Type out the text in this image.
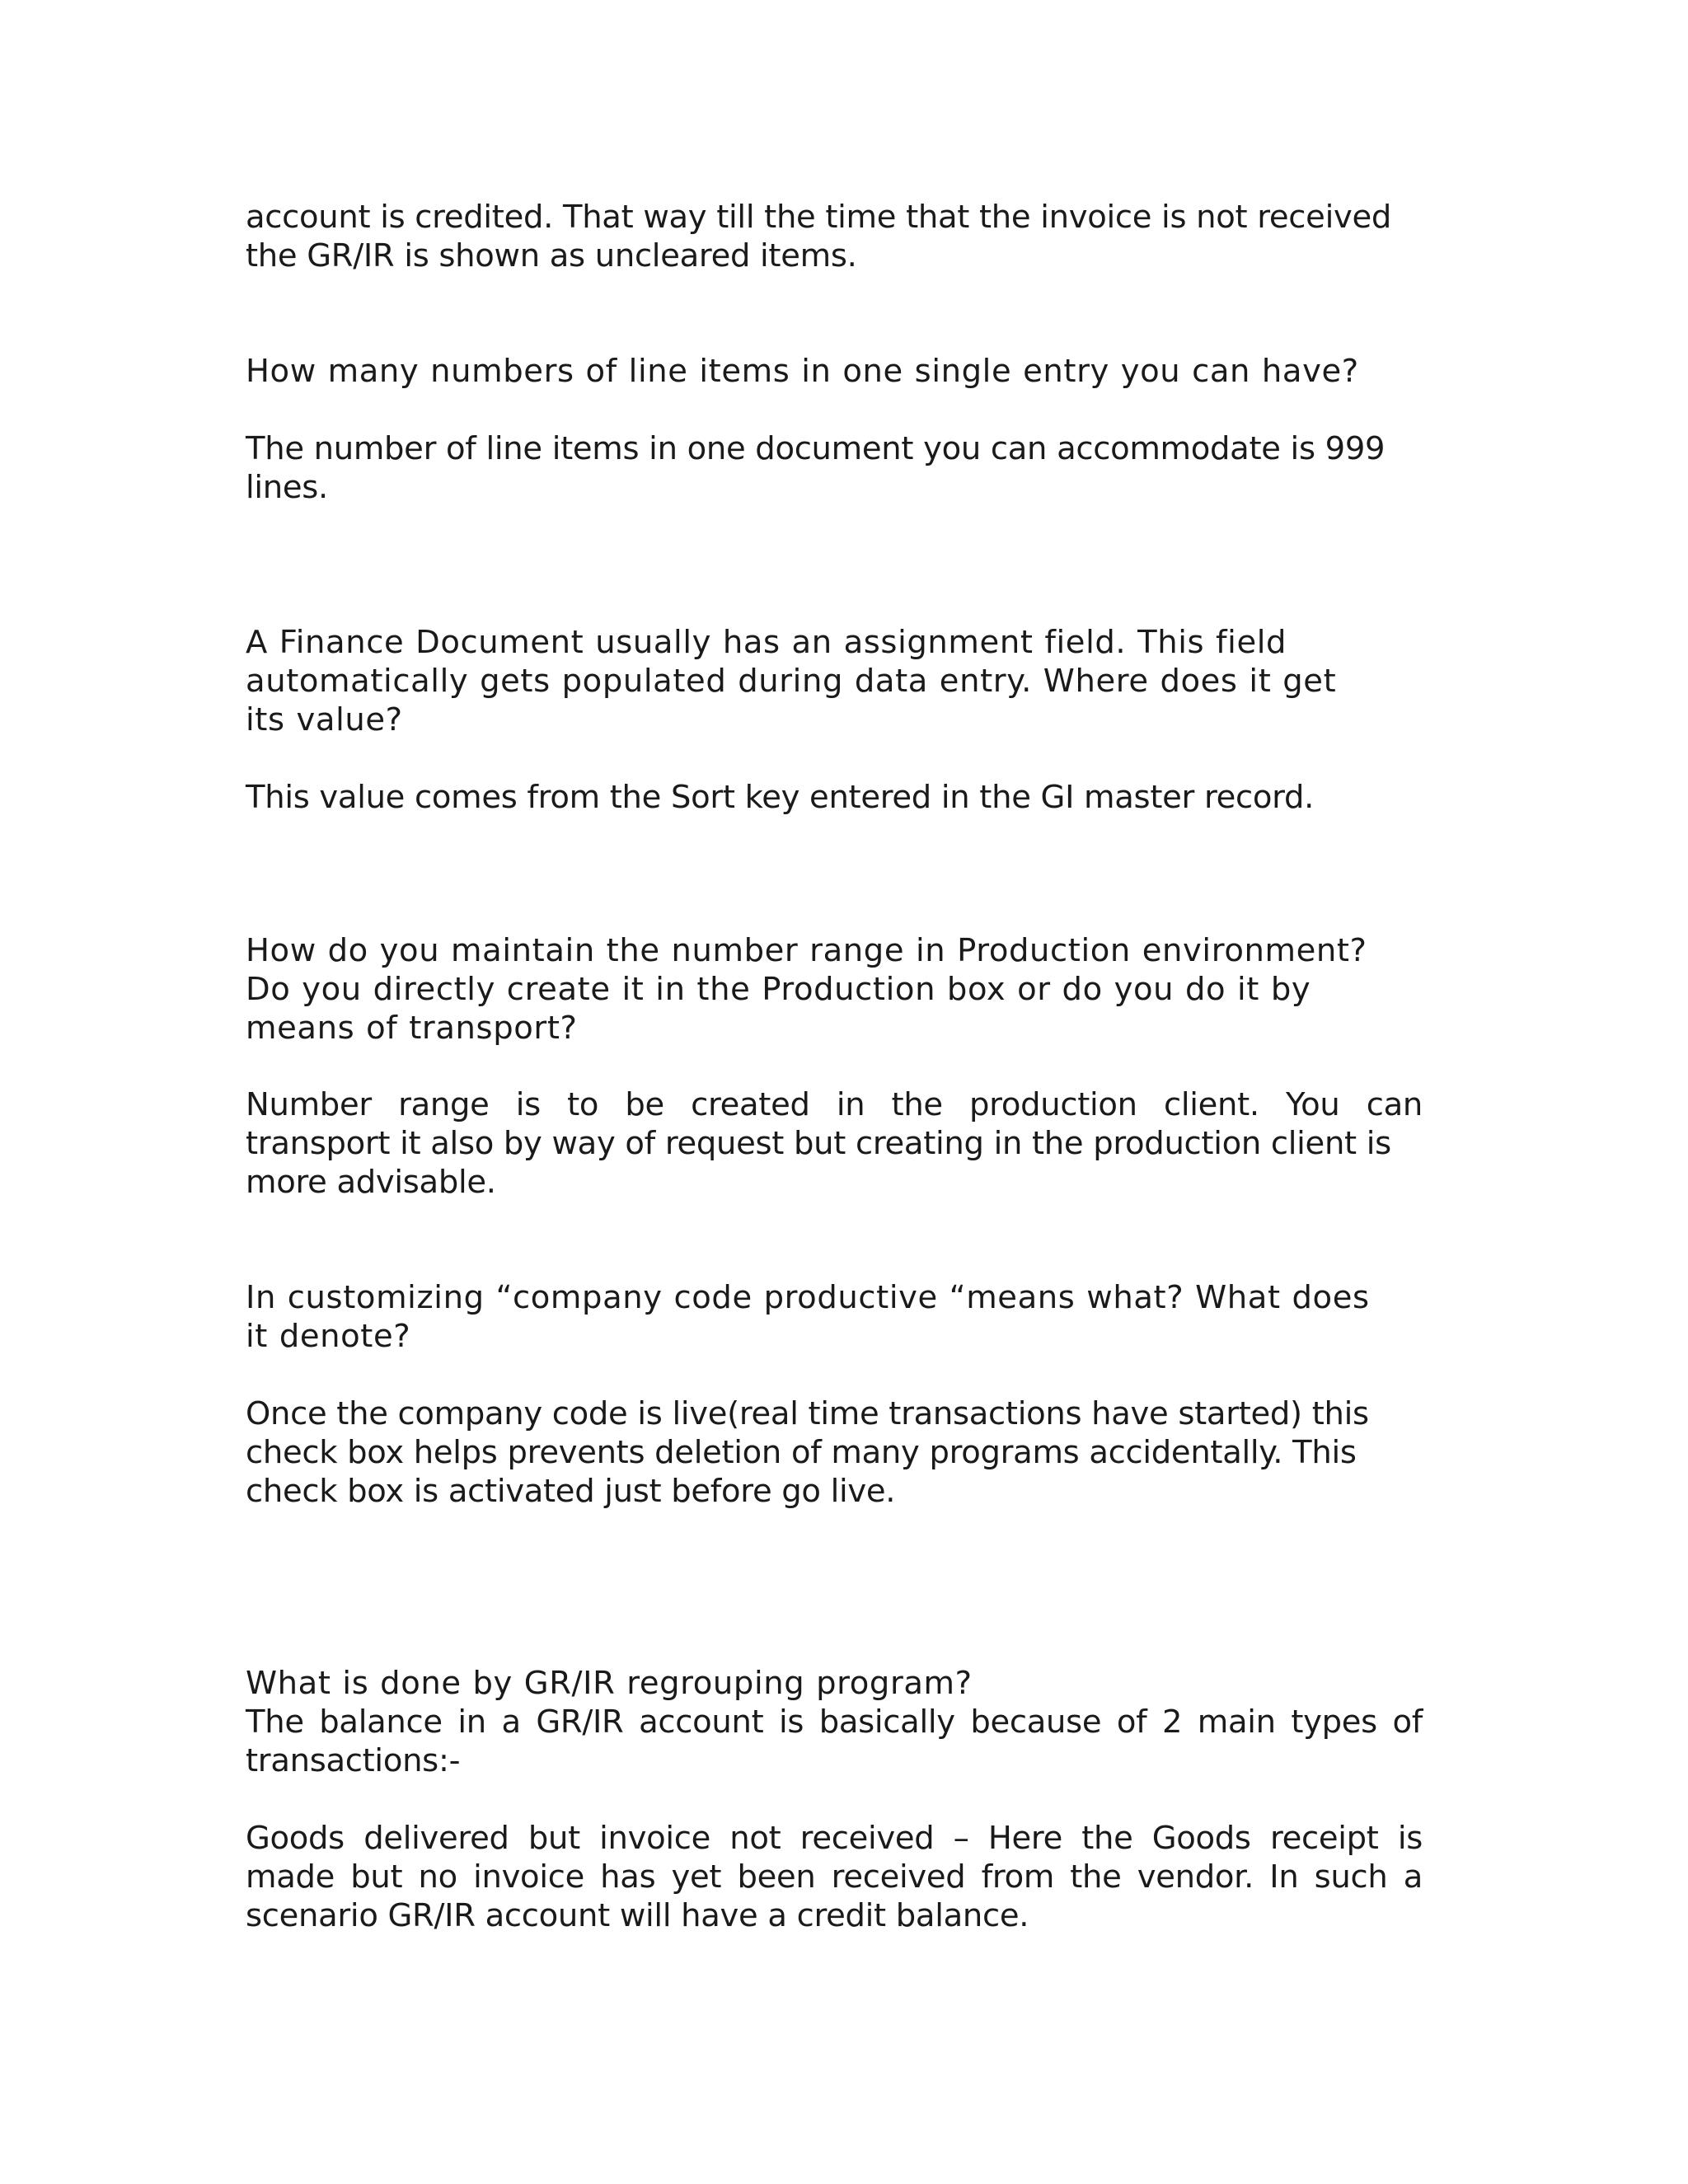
account is credited. That way till the time that the invoice is not received
the GR/IR is shown as uncleared items.

How many numbers of line items in one single entry you can have?

The number of line items in one document you can accommodate is 999
lines.

A Finance Document usually has an assignment field. This field
automatically gets populated during data entry. Where does it get
its value?

This value comes from the Sort key entered in the GI master record.

How do you maintain the number range in Production environment?
Do you directly create it in the Production box or do you do it by
means of transport?

Number range is to be created in the production client. You can
transport it also by way of request but creating in the production client is
more advisable.

In customizing “company code productive “means what? What does
it denote?

Once the company code is live(real time transactions have started) this
check box helps prevents deletion of many programs accidentally. This
check box is activated just before go live.

What is done by GR/IR regrouping program?

The balance in a GR/IR account is basically because of 2 main types of
transactions:-

Goods delivered but invoice not received – Here the Goods receipt is
made but no invoice has yet been received from the vendor. In such a
scenario GR/IR account will have a credit balance.
